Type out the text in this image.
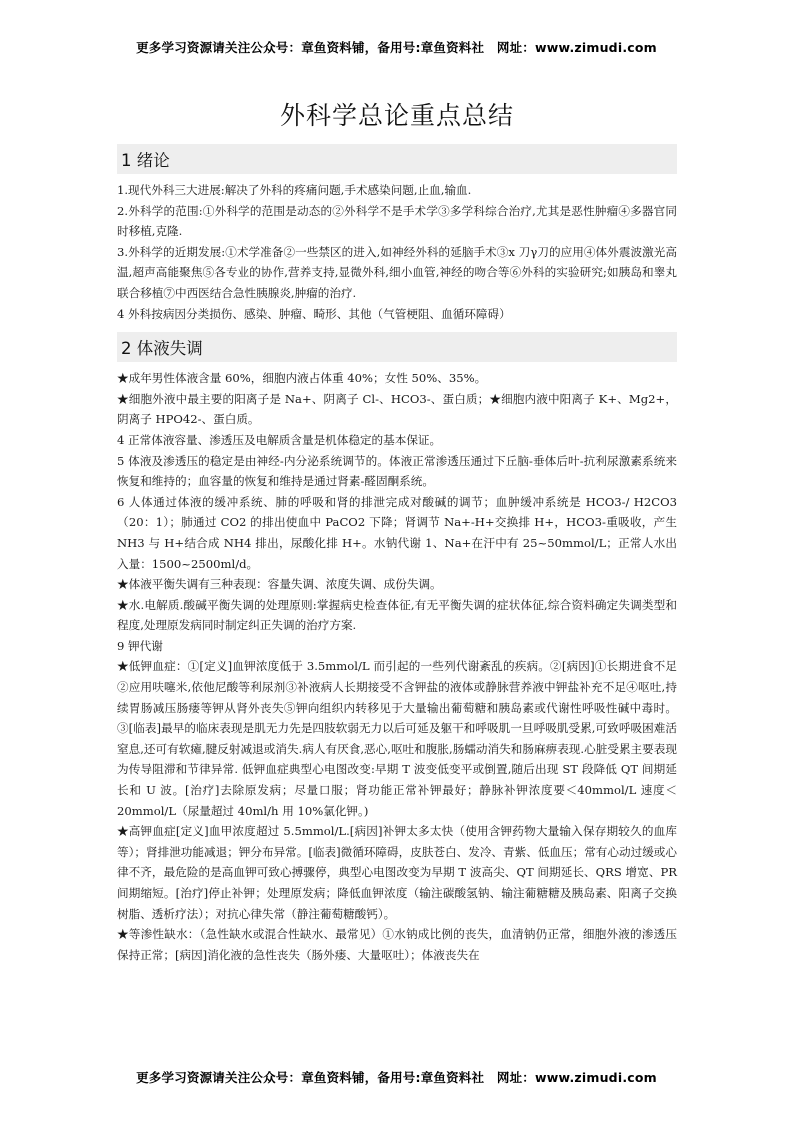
更多学习资源请关注公众号：章鱼资料铺，备用号:章鱼资料社　网址：www.zimudi.com
外科学总论重点总结
1 绪论

1.现代外科三大进展:解决了外科的疼痛问题,手术感染问题,止血,输血.

2.外科学的范围:①外科学的范围是动态的②外科学不是手术学③多学科综合治疗,尤其是恶性肿瘤④多器官同时移植,克隆.

3.外科学的近期发展:①术学准备②一些禁区的进入,如神经外科的延脑手术③x 刀γ刀的应用④体外震波激光高温,超声高能聚焦⑤各专业的协作,营养支持,显微外科,细小血管,神经的吻合等⑥外科的实验研究;如胰岛和睾丸联合移植⑦中西医结合急性胰腺炎,肿瘤的治疗.

4 外科按病因分类损伤、感染、肿瘤、畸形、其他（气管梗阻、血循环障碍）

2 体液失调

★成年男性体液含量 60%，细胞内液占体重 40%；女性 50%、35%。

★细胞外液中最主要的阳离子是 Na+、阴离子 Cl-、HCO3-、蛋白质；★细胞内液中阳离子 K+、Mg2+，阴离子 HPO42-、蛋白质。

4 正常体液容量、渗透压及电解质含量是机体稳定的基本保证。

5 体液及渗透压的稳定是由神经-内分泌系统调节的。体液正常渗透压通过下丘脑-垂体后叶-抗利尿激素系统来恢复和维持的；血容量的恢复和维持是通过肾素-醛固酮系统。

6 人体通过体液的缓冲系统、肺的呼吸和肾的排泄完成对酸碱的调节；血肿缓冲系统是 HCO3-/ H2CO3（20：1）；肺通过 CO2 的排出使血中 PaCO2 下降；肾调节 Na+-H+交换排 H+，HCO3-重吸收，产生 NH3 与 H+结合成 NH4 排出，尿酸化排 H+。水钠代谢 1、Na+在汗中有 25~50mmol/L；正常人水出入量：1500~2500ml/d。

★体液平衡失调有三种表现：容量失调、浓度失调、成份失调。

★水.电解质.酸碱平衡失调的处理原则:掌握病史检查体征,有无平衡失调的症状体征,综合资料确定失调类型和程度,处理原发病同时制定纠正失调的治疗方案.

9 钾代谢

★低钾血症：①[定义]血钾浓度低于 3.5mmol/L 而引起的一些列代谢紊乱的疾病。②[病因]①长期进食不足②应用呋噻米,依他尼酸等利尿剂③补液病人长期接受不含钾盐的液体或静脉营养液中钾盐补充不足④呕吐,持续胃肠减压肠瘘等钾从肾外丧失⑤钾向组织内转移见于大量输出葡萄糖和胰岛素或代谢性呼吸性碱中毒时。③[临表]最早的临床表现是肌无力先是四肢软弱无力以后可延及躯干和呼吸肌一旦呼吸肌受累,可致呼吸困难活窒息,还可有软瘫,腱反射减退或消失.病人有厌食,恶心,呕吐和腹胀,肠蠕动消失和肠麻痹表现.心脏受累主要表现为传导阻滞和节律异常. 低钾血症典型心电图改变:早期 T 波变低变平或倒置,随后出现 ST 段降低 QT 间期延长和 U 波。[治疗]去除原发病；尽量口服；肾功能正常补钾最好；静脉补钾浓度要＜40mmol/L 速度＜20mmol/L（尿量超过 40ml/h 用 10%氯化钾。)

★高钾血症[定义]血甲浓度超过 5.5mmol/L.[病因]补钾太多太快（使用含钾药物大量输入保存期较久的血库等）；肾排泄功能减退；钾分布异常。[临表]微循环障碍，皮肤苍白、发冷、青紫、低血压；常有心动过缓或心律不齐，最危险的是高血钾可致心搏骤停，典型心电图改变为早期 T 波高尖、QT 间期延长、QRS 增宽、PR 间期缩短。[治疗]停止补钾；处理原发病；降低血钾浓度（输注碳酸氢钠、输注葡糖糖及胰岛素、阳离子交换树脂、透析疗法）；对抗心律失常（静注葡萄糖酸钙）。

★等渗性缺水：（急性缺水或混合性缺水、最常见）①水钠成比例的丧失，血清钠仍正常，细胞外液的渗透压保持正常；[病因]消化液的急性丧失（肠外瘘、大量呕吐）；体液丧失在

更多学习资源请关注公众号：章鱼资料铺，备用号:章鱼资料社　网址：www.zimudi.com
